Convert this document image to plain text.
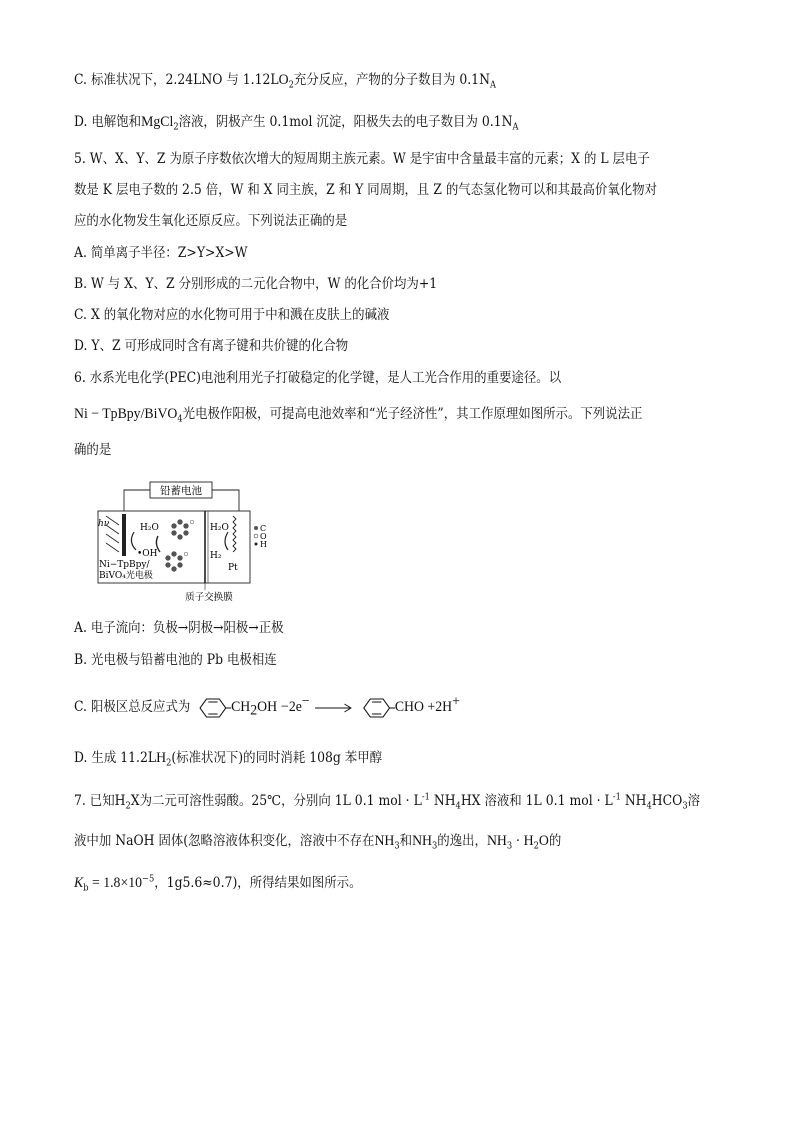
C. 标准状况下，2.24LNO 与 $1.12LO_2$充分反应，产物的分子数目为 $0.1N_A$
D. 电解饱和MgCl$_2$溶液，阴极产生 0.1mol 沉淀，阳极失去的电子数目为 $0.1N_A$
5. W、X、Y、Z 为原子序数依次增大的短周期主族元素。W 是宇宙中含量最丰富的元素；X 的 L 层电子
数是 K 层电子数的 2.5 倍，W 和 X 同主族，Z 和 Y 同周期，且 Z 的气态氢化物可以和其最高价氧化物对
应的水化物发生氧化还原反应。下列说法正确的是
A. 简单离子半径：Z>Y>X>W
B. W 与 X、Y、Z 分别形成的二元化合物中，W 的化合价均为+1
C. X 的氧化物对应的水化物可用于中和溅在皮肤上的碱液
D. Y、Z 可形成同时含有离子键和共价键的化合物
6. 水系光电化学(PEC)电池利用光子打破稳定的化学键，是人工光合作用的重要途径。以
Ni − TpBpy/BiVO$_4$光电极作阳极，可提高电池效率和“光子经济性”，其工作原理如图所示。下列说法正
确的是
铅蓄电池
hν	H₂O
•OH
H₂O
H₂
Pt
C
O
H
Ni−TpBpy/
BiVO₄光电极
质子交换膜
A. 电子流向：负极→阴极→阳极→正极
B. 光电极与铅蓄电池的 Pb 电极相连
C. 阳极区总反应式为	$CH_2OH -2e^-$ →	CHO +2H+
D. 生成 $11.2LH_2$(标准状况下)的同时消耗 108g 苯甲醇
7. 已知$H_2X$为二元可溶性弱酸。25℃，分别向 1L 0.1 mol · $L^{-1}$ $NH_4HX$ 溶液和 1L 0.1 mol · $L^{-1}$ $NH_4HCO_3$溶
液中加 NaOH 固体(忽略溶液体积变化，溶液中不存在$NH_3$和$NH_3$的逸出，$NH_3 \cdot H_2O$的
$K_b = 1.8\times 10^{-5}$，1g5.6≈0.7)，所得结果如图所示。
